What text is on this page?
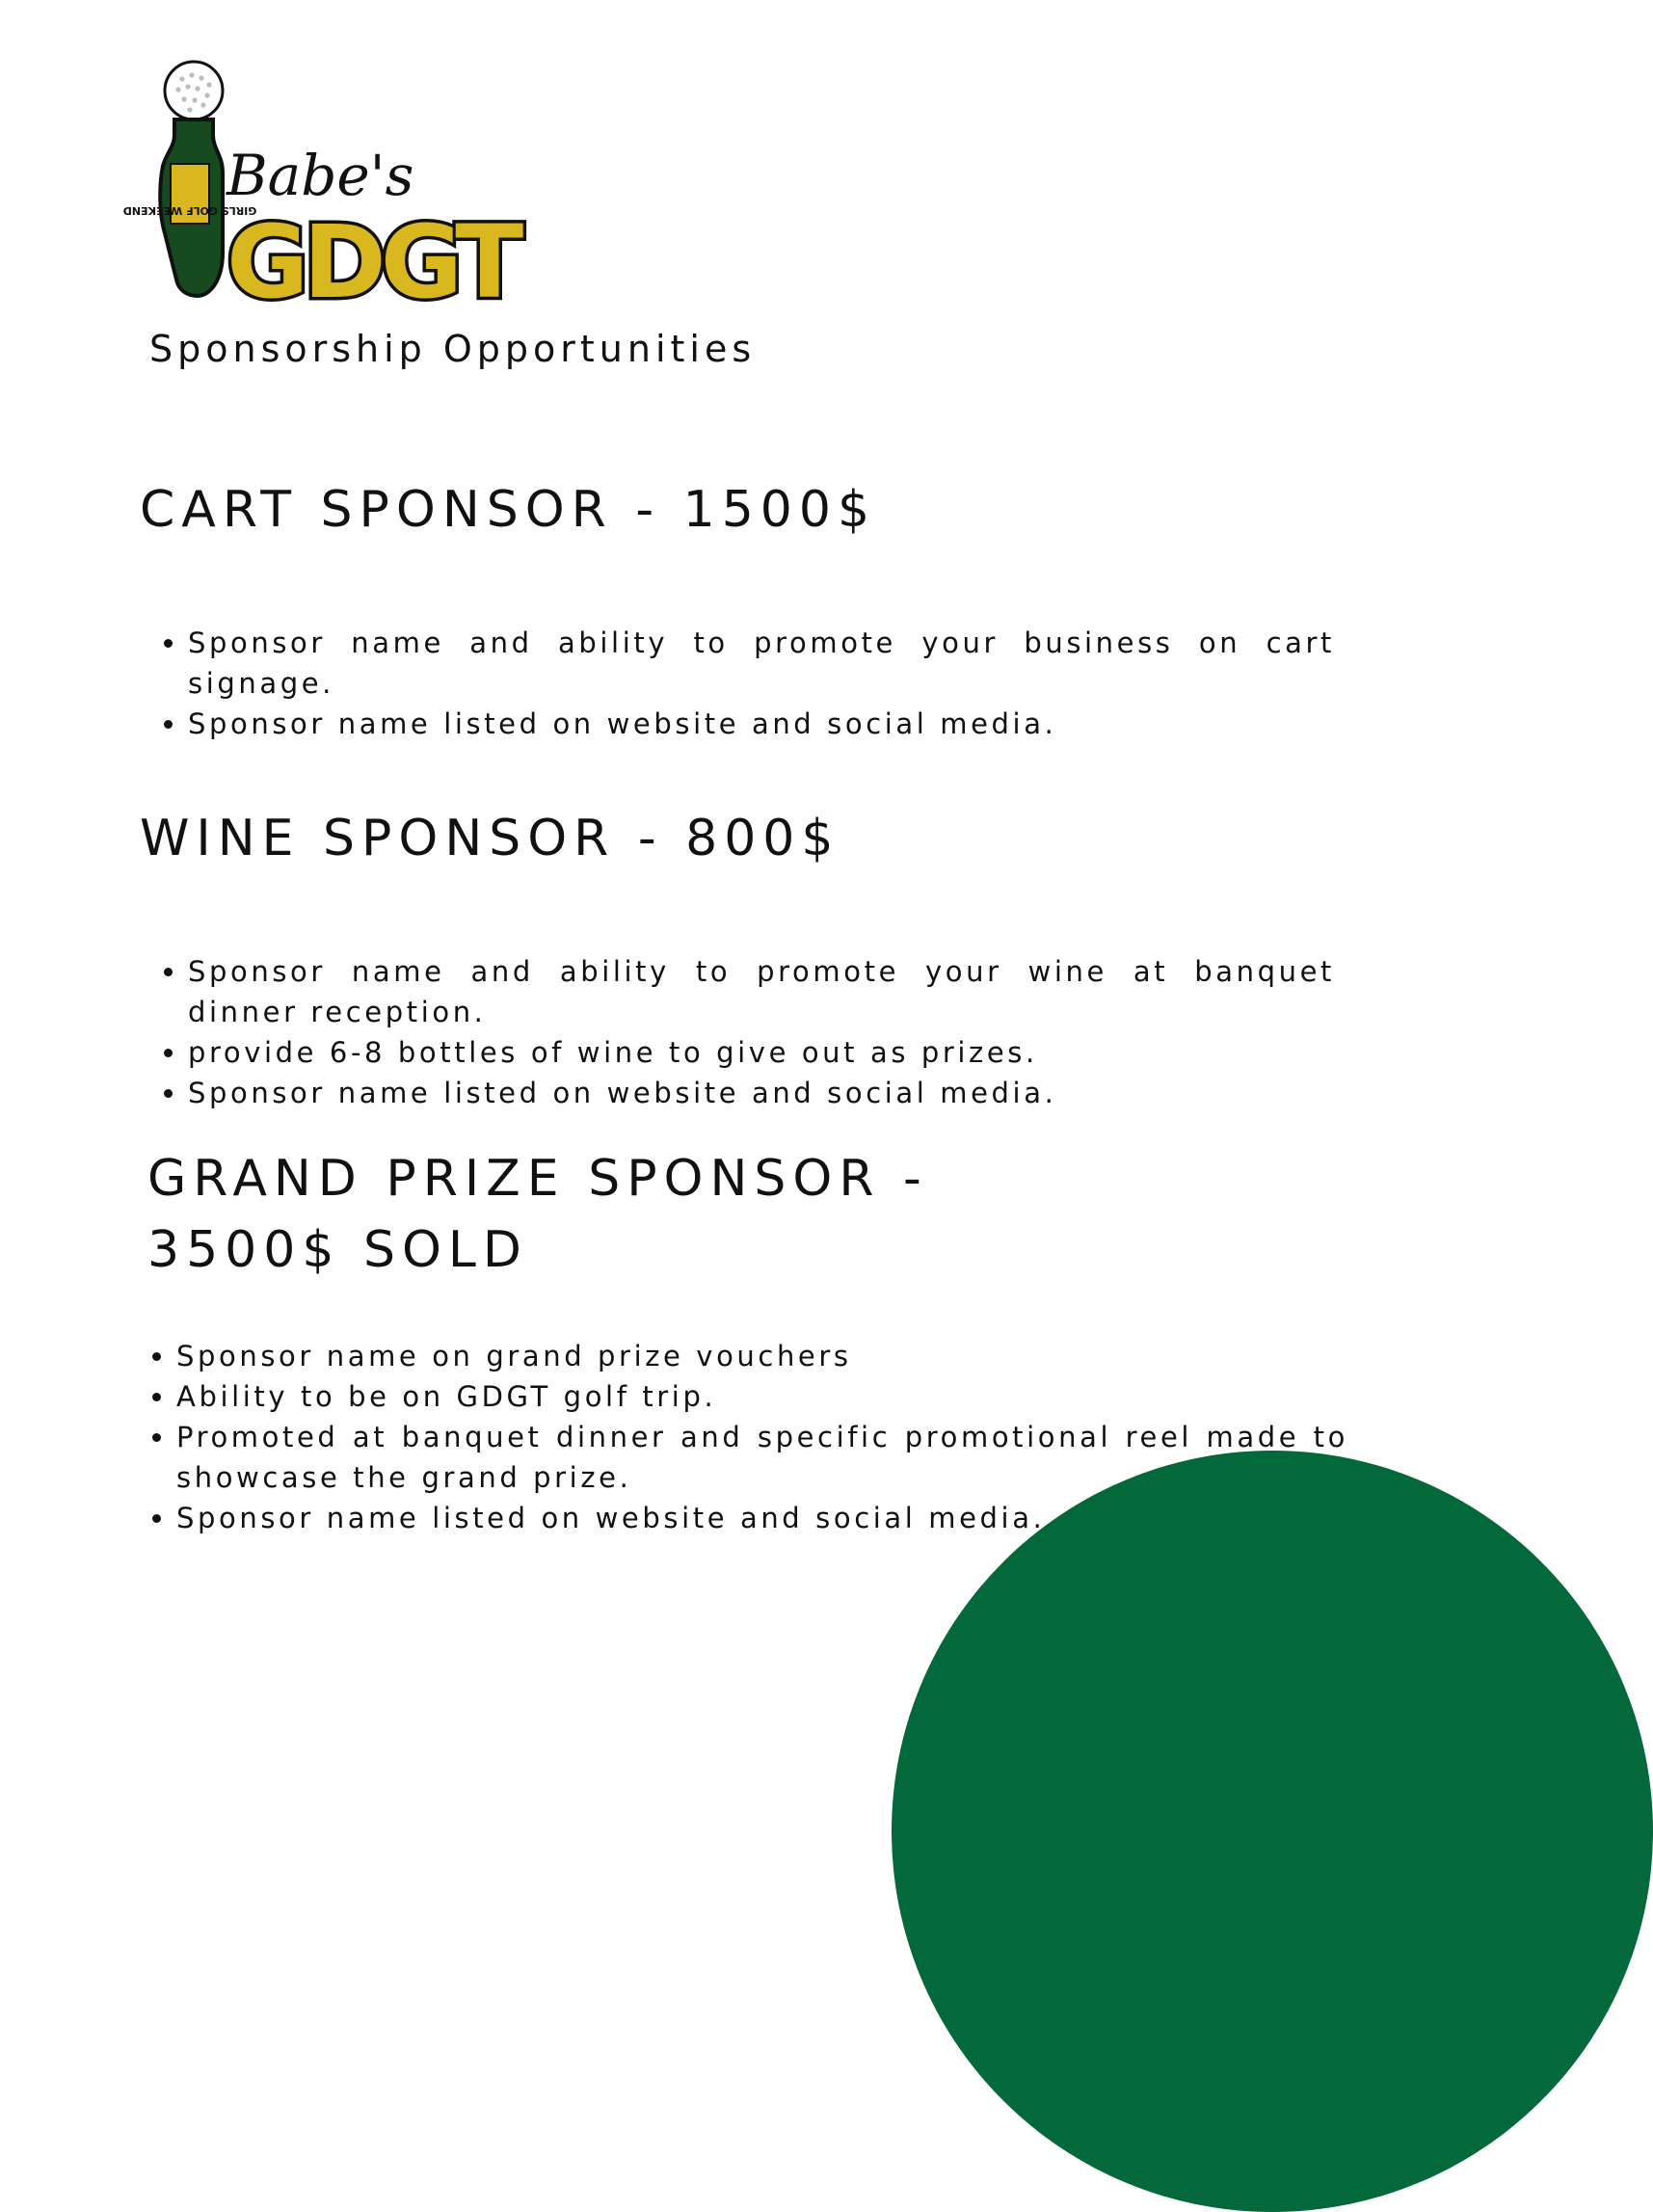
GIRLS GOLF WEEKEND
Babe's
GDGT
Sponsorship Opportunities
CART SPONSOR - 1500$
• Sponsor name and ability to promote your business on cart signage.
• Sponsor name listed on website and social media.
WINE SPONSOR - 800$
• Sponsor name and ability to promote your wine at banquet dinner reception.
• provide 6-8 bottles of wine to give out as prizes.
• Sponsor name listed on website and social media.
GRAND PRIZE SPONSOR -
3500$ SOLD
• Sponsor name on grand prize vouchers
• Ability to be on GDGT golf trip.
• Promoted at banquet dinner and specific promotional reel made to showcase the grand prize.
• Sponsor name listed on website and social media.
